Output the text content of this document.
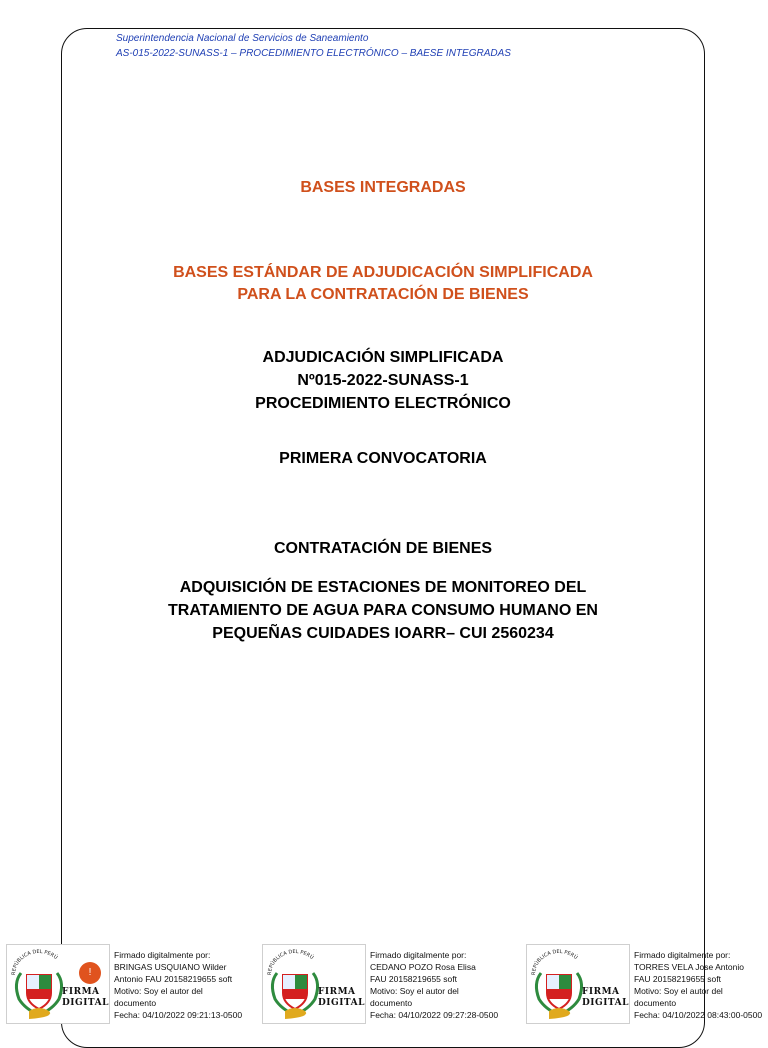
Superintendencia Nacional de Servicios de Saneamiento
AS-015-2022-SUNASS-1 – PROCEDIMIENTO ELECTRÓNICO – BAESE INTEGRADAS
BASES INTEGRADAS
BASES ESTÁNDAR DE ADJUDICACIÓN SIMPLIFICADA
PARA LA CONTRATACIÓN DE BIENES
ADJUDICACIÓN SIMPLIFICADA
Nº015-2022-SUNASS-1
PROCEDIMIENTO ELECTRÓNICO
PRIMERA CONVOCATORIA
CONTRATACIÓN DE BIENES
ADQUISICIÓN DE ESTACIONES DE MONITOREO DEL
TRATAMIENTO DE AGUA PARA CONSUMO HUMANO EN
PEQUEÑAS CUIDADES IOARR– CUI 2560234
REPÚBLICA DEL PERÚ
FIRMA
DIGITAL
Firmado digitalmente por:
BRINGAS USQUIANO Wilder
Antonio FAU 20158219655 soft
Motivo: Soy el autor del
documento
Fecha: 04/10/2022 09:21:13-0500
REPÚBLICA DEL PERÚ
FIRMA
DIGITAL
Firmado digitalmente por:
CEDANO POZO Rosa Elisa
FAU 20158219655 soft
Motivo: Soy el autor del
documento
Fecha: 04/10/2022 09:27:28-0500
REPÚBLICA DEL PERÚ
FIRMA
DIGITAL
Firmado digitalmente por:
TORRES VELA Jose Antonio
FAU 20158219655 soft
Motivo: Soy el autor del
documento
Fecha: 04/10/2022 08:43:00-0500
!
